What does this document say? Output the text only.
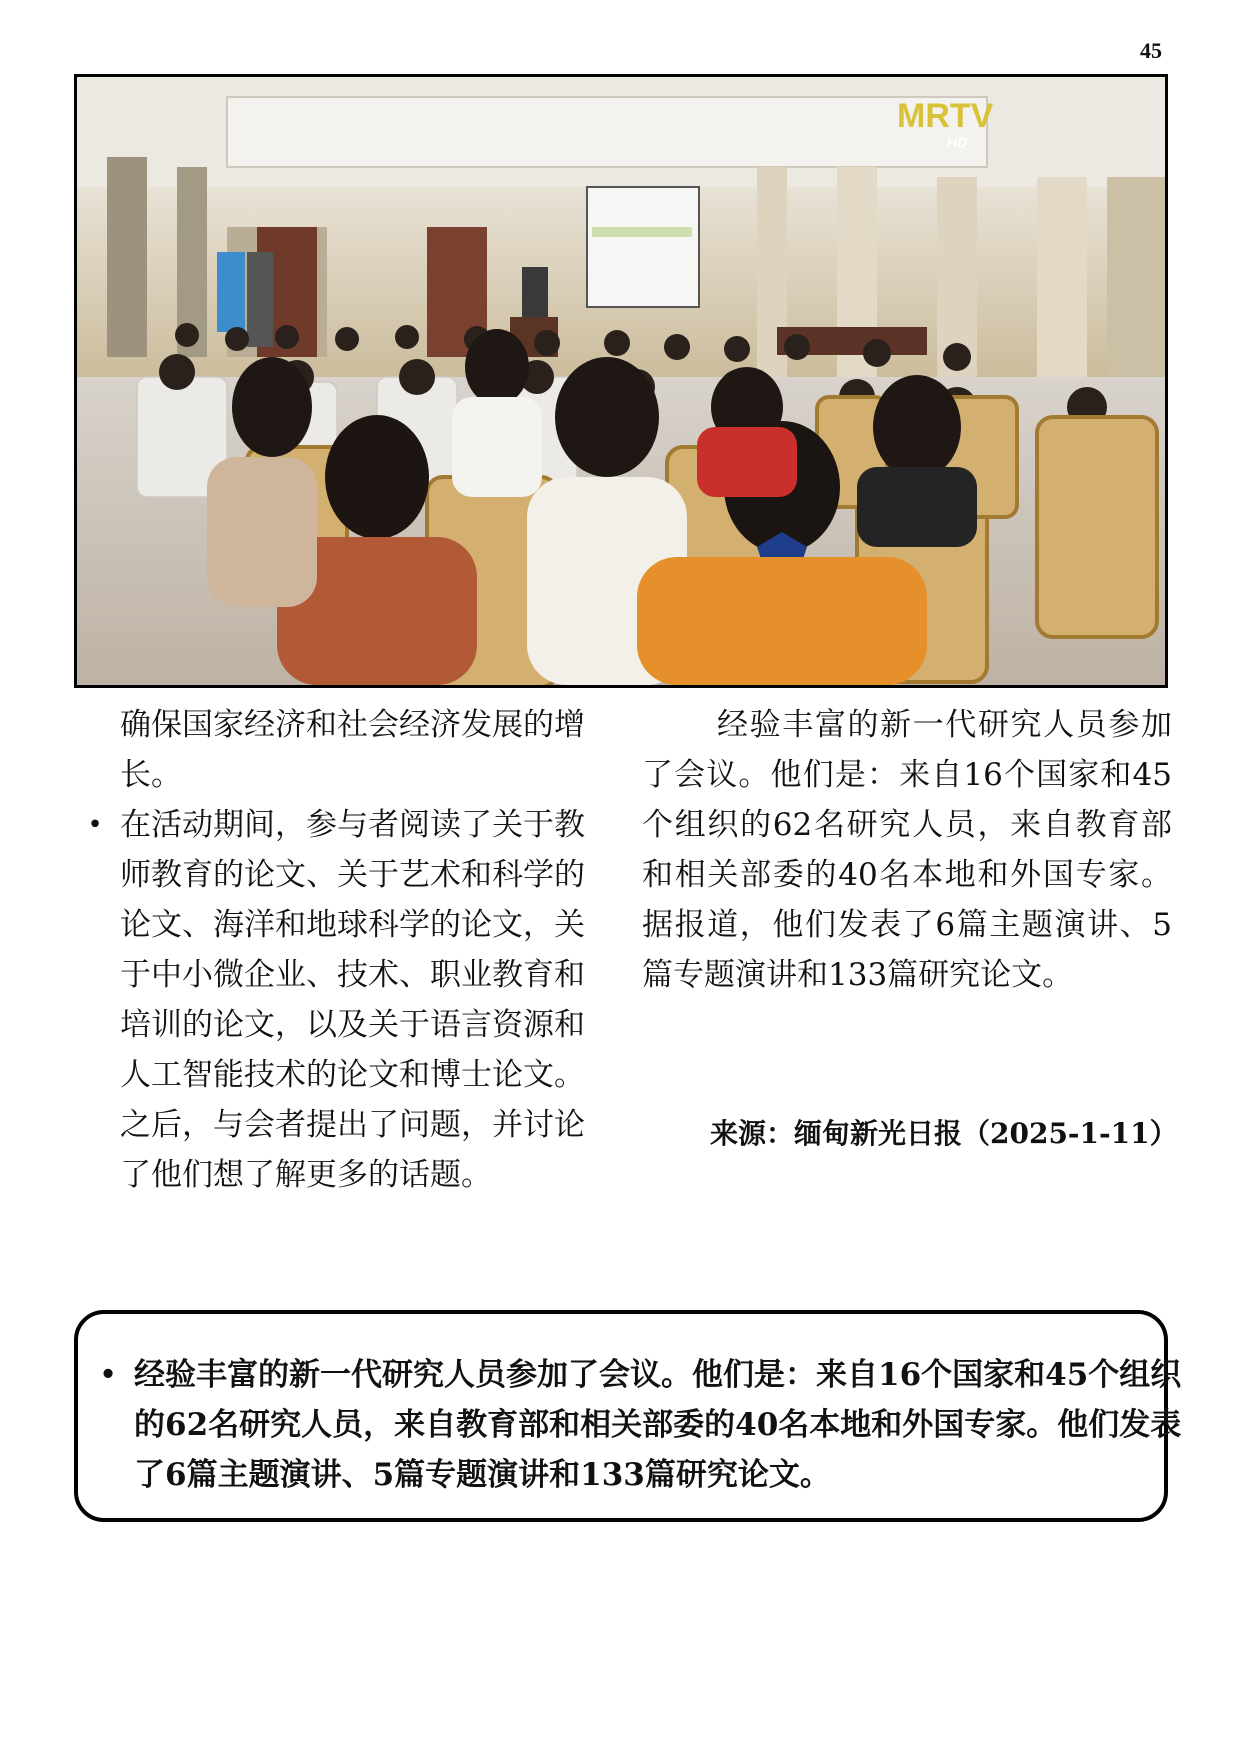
45
MRTV
HD

确保国家经济和社会经济发展的增长。

• 在活动期间，参与者阅读了关于教师教育的论文、关于艺术和科学的论文、海洋和地球科学的论文，关于中小微企业、技术、职业教育和培训的论文，以及关于语言资源和人工智能技术的论文和博士论文。之后，与会者提出了问题，并讨论了他们想了解更多的话题。

经验丰富的新一代研究人员参加了会议。他们是：来自16个国家和45个组织的62名研究人员，来自教育部和相关部委的40名本地和外国专家。据报道，他们发表了6篇主题演讲、5篇专题演讲和133篇研究论文。

来源：缅甸新光日报（2025-1-11）
• 经验丰富的新一代研究人员参加了会议。他们是：来自16个国家和45个组织的62名研究人员，来自教育部和相关部委的40名本地和外国专家。他们发表了6篇主题演讲、5篇专题演讲和133篇研究论文。
